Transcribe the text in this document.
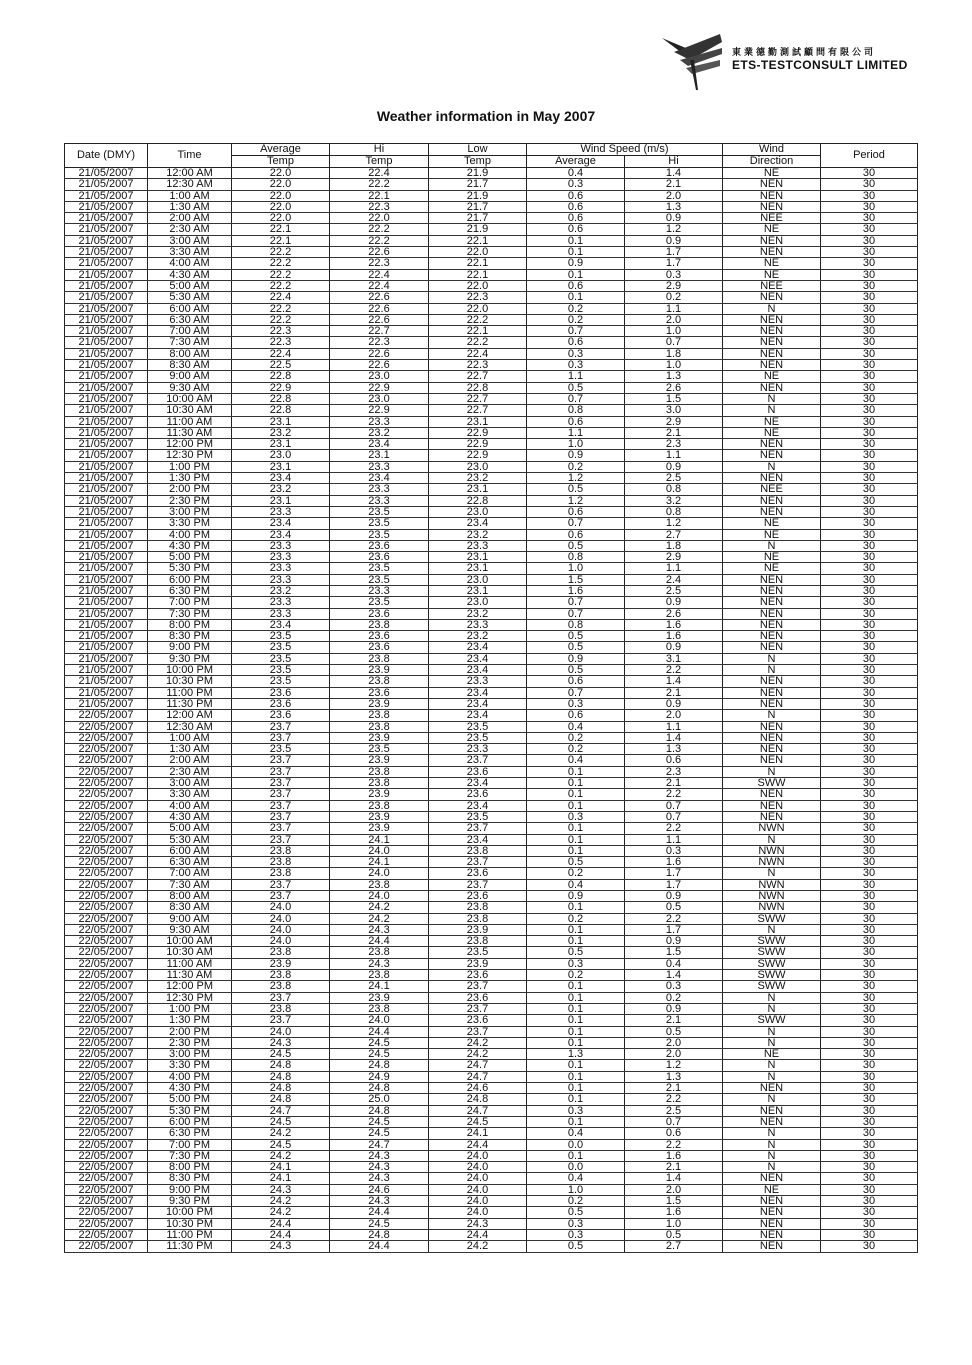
東業德勤測試顧問有限公司
ETS-TESTCONSULT LIMITED
Weather information in May 2007
Date (DMY)	Time	Average	Hi	Low	Wind Speed (m/s)		Wind	Period
		Temp	Temp	Temp	Average	Hi	Direction	
21/05/2007	12:00 AM	22.0	22.4	21.9	0.4	1.4	NE	30
21/05/2007	12:30 AM	22.0	22.2	21.7	0.3	2.1	NEN	30
21/05/2007	1:00 AM	22.0	22.1	21.9	0.6	2.0	NEN	30
21/05/2007	1:30 AM	22.0	22.3	21.7	0.6	1.3	NEN	30
21/05/2007	2:00 AM	22.0	22.0	21.7	0.6	0.9	NEE	30
21/05/2007	2:30 AM	22.1	22.2	21.9	0.6	1.2	NE	30
21/05/2007	3:00 AM	22.1	22.2	22.1	0.1	0.9	NEN	30
21/05/2007	3:30 AM	22.2	22.6	22.0	0.1	1.7	NEN	30
21/05/2007	4:00 AM	22.2	22.3	22.1	0.9	1.7	NE	30
21/05/2007	4:30 AM	22.2	22.4	22.1	0.1	0.3	NE	30
21/05/2007	5:00 AM	22.2	22.4	22.0	0.6	2.9	NEE	30
21/05/2007	5:30 AM	22.4	22.6	22.3	0.1	0.2	NEN	30
21/05/2007	6:00 AM	22.2	22.6	22.0	0.2	1.1	N	30
21/05/2007	6:30 AM	22.2	22.6	22.2	0.2	2.0	NEN	30
21/05/2007	7:00 AM	22.3	22.7	22.1	0.7	1.0	NEN	30
21/05/2007	7:30 AM	22.3	22.3	22.2	0.6	0.7	NEN	30
21/05/2007	8:00 AM	22.4	22.6	22.4	0.3	1.8	NEN	30
21/05/2007	8:30 AM	22.5	22.6	22.3	0.3	1.0	NEN	30
21/05/2007	9:00 AM	22.8	23.0	22.7	1.1	1.3	NE	30
21/05/2007	9:30 AM	22.9	22.9	22.8	0.5	2.6	NEN	30
21/05/2007	10:00 AM	22.8	23.0	22.7	0.7	1.5	N	30
21/05/2007	10:30 AM	22.8	22.9	22.7	0.8	3.0	N	30
21/05/2007	11:00 AM	23.1	23.3	23.1	0.6	2.9	NE	30
21/05/2007	11:30 AM	23.2	23.2	22.9	1.1	2.1	NE	30
21/05/2007	12:00 PM	23.1	23.4	22.9	1.0	2.3	NEN	30
21/05/2007	12:30 PM	23.0	23.1	22.9	0.9	1.1	NEN	30
21/05/2007	1:00 PM	23.1	23.3	23.0	0.2	0.9	N	30
21/05/2007	1:30 PM	23.4	23.4	23.2	1.2	2.5	NEN	30
21/05/2007	2:00 PM	23.2	23.3	23.1	0.5	0.8	NEE	30
21/05/2007	2:30 PM	23.1	23.3	22.8	1.2	3.2	NEN	30
21/05/2007	3:00 PM	23.3	23.5	23.0	0.6	0.8	NEN	30
21/05/2007	3:30 PM	23.4	23.5	23.4	0.7	1.2	NE	30
21/05/2007	4:00 PM	23.4	23.5	23.2	0.6	2.7	NE	30
21/05/2007	4:30 PM	23.3	23.6	23.3	0.5	1.8	N	30
21/05/2007	5:00 PM	23.3	23.6	23.1	0.8	2.9	NE	30
21/05/2007	5:30 PM	23.3	23.5	23.1	1.0	1.1	NE	30
21/05/2007	6:00 PM	23.3	23.5	23.0	1.5	2.4	NEN	30
21/05/2007	6:30 PM	23.2	23.3	23.1	1.6	2.5	NEN	30
21/05/2007	7:00 PM	23.3	23.5	23.0	0.7	0.9	NEN	30
21/05/2007	7:30 PM	23.3	23.6	23.2	0.7	2.6	NEN	30
21/05/2007	8:00 PM	23.4	23.8	23.3	0.8	1.6	NEN	30
21/05/2007	8:30 PM	23.5	23.6	23.2	0.5	1.6	NEN	30
21/05/2007	9:00 PM	23.5	23.6	23.4	0.5	0.9	NEN	30
21/05/2007	9:30 PM	23.5	23.8	23.4	0.9	3.1	N	30
21/05/2007	10:00 PM	23.5	23.9	23.4	0.5	2.2	N	30
21/05/2007	10:30 PM	23.5	23.8	23.3	0.6	1.4	NEN	30
21/05/2007	11:00 PM	23.6	23.6	23.4	0.7	2.1	NEN	30
21/05/2007	11:30 PM	23.6	23.9	23.4	0.3	0.9	NEN	30
22/05/2007	12:00 AM	23.6	23.8	23.4	0.6	2.0	N	30
22/05/2007	12:30 AM	23.7	23.8	23.5	0.4	1.1	NEN	30
22/05/2007	1:00 AM	23.7	23.9	23.5	0.2	1.4	NEN	30
22/05/2007	1:30 AM	23.5	23.5	23.3	0.2	1.3	NEN	30
22/05/2007	2:00 AM	23.7	23.9	23.7	0.4	0.6	NEN	30
22/05/2007	2:30 AM	23.7	23.8	23.6	0.1	2.3	N	30
22/05/2007	3:00 AM	23.7	23.8	23.4	0.1	2.1	SWW	30
22/05/2007	3:30 AM	23.7	23.9	23.6	0.1	2.2	NEN	30
22/05/2007	4:00 AM	23.7	23.8	23.4	0.1	0.7	NEN	30
22/05/2007	4:30 AM	23.7	23.9	23.5	0.3	0.7	NEN	30
22/05/2007	5:00 AM	23.7	23.9	23.7	0.1	2.2	NWN	30
22/05/2007	5:30 AM	23.7	24.1	23.4	0.1	1.1	N	30
22/05/2007	6:00 AM	23.8	24.0	23.8	0.1	0.3	NWN	30
22/05/2007	6:30 AM	23.8	24.1	23.7	0.5	1.6	NWN	30
22/05/2007	7:00 AM	23.8	24.0	23.6	0.2	1.7	N	30
22/05/2007	7:30 AM	23.7	23.8	23.7	0.4	1.7	NWN	30
22/05/2007	8:00 AM	23.7	24.0	23.6	0.9	0.9	NWN	30
22/05/2007	8:30 AM	24.0	24.2	23.8	0.1	0.5	NWN	30
22/05/2007	9:00 AM	24.0	24.2	23.8	0.2	2.2	SWW	30
22/05/2007	9:30 AM	24.0	24.3	23.9	0.1	1.7	N	30
22/05/2007	10:00 AM	24.0	24.4	23.8	0.1	0.9	SWW	30
22/05/2007	10:30 AM	23.8	23.8	23.5	0.5	1.5	SWW	30
22/05/2007	11:00 AM	23.9	24.3	23.9	0.3	0.4	SWW	30
22/05/2007	11:30 AM	23.8	23.8	23.6	0.2	1.4	SWW	30
22/05/2007	12:00 PM	23.8	24.1	23.7	0.1	0.3	SWW	30
22/05/2007	12:30 PM	23.7	23.9	23.6	0.1	0.2	N	30
22/05/2007	1:00 PM	23.8	23.8	23.7	0.1	0.9	N	30
22/05/2007	1:30 PM	23.7	24.0	23.6	0.1	2.1	SWW	30
22/05/2007	2:00 PM	24.0	24.4	23.7	0.1	0.5	N	30
22/05/2007	2:30 PM	24.3	24.5	24.2	0.1	2.0	N	30
22/05/2007	3:00 PM	24.5	24.5	24.2	1.3	2.0	NE	30
22/05/2007	3:30 PM	24.8	24.8	24.7	0.1	1.2	N	30
22/05/2007	4:00 PM	24.8	24.9	24.7	0.1	1.3	N	30
22/05/2007	4:30 PM	24.8	24.8	24.6	0.1	2.1	NEN	30
22/05/2007	5:00 PM	24.8	25.0	24.8	0.1	2.2	N	30
22/05/2007	5:30 PM	24.7	24.8	24.7	0.3	2.5	NEN	30
22/05/2007	6:00 PM	24.5	24.5	24.5	0.1	0.7	NEN	30
22/05/2007	6:30 PM	24.2	24.5	24.1	0.4	0.6	N	30
22/05/2007	7:00 PM	24.5	24.7	24.4	0.0	2.2	N	30
22/05/2007	7:30 PM	24.2	24.3	24.0	0.1	1.6	N	30
22/05/2007	8:00 PM	24.1	24.3	24.0	0.0	2.1	N	30
22/05/2007	8:30 PM	24.1	24.3	24.0	0.4	1.4	NEN	30
22/05/2007	9:00 PM	24.3	24.6	24.0	1.0	2.0	NE	30
22/05/2007	9:30 PM	24.2	24.3	24.0	0.2	1.5	NEN	30
22/05/2007	10:00 PM	24.2	24.4	24.0	0.5	1.6	NEN	30
22/05/2007	10:30 PM	24.4	24.5	24.3	0.3	1.0	NEN	30
22/05/2007	11:00 PM	24.4	24.8	24.4	0.3	0.5	NEN	30
22/05/2007	11:30 PM	24.3	24.4	24.2	0.5	2.7	NEN	30
